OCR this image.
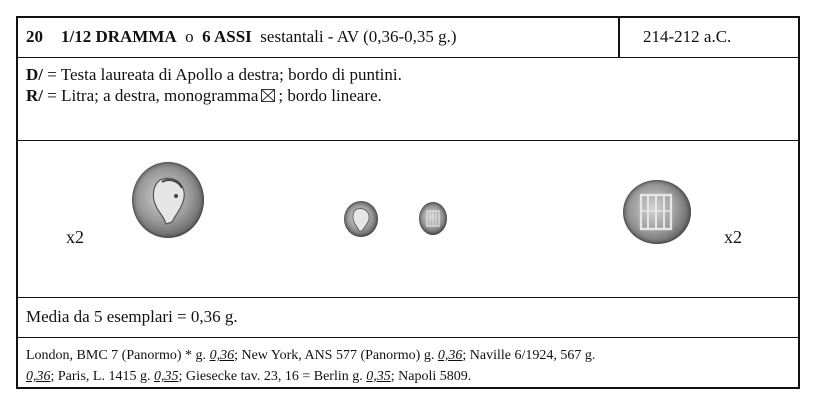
20 1/12 DRAMMA o 6 ASSI sestantali - AV (0,36-0,35 g.)	214-212 a.C.
D/ = Testa laureata di Apollo a destra; bordo di puntini.
R/ = Litra; a destra, monogramma ; bordo lineare.
x2	x2
Media da 5 esemplari = 0,36 g.
London, BMC 7 (Panormo) * g. 0,36; New York, ANS 577 (Panormo) g. 0,36; Naville 6/1924, 567 g.
0,36; Paris, L. 1415 g. 0,35; Giesecke tav. 23, 16 = Berlin g. 0,35; Napoli 5809.
